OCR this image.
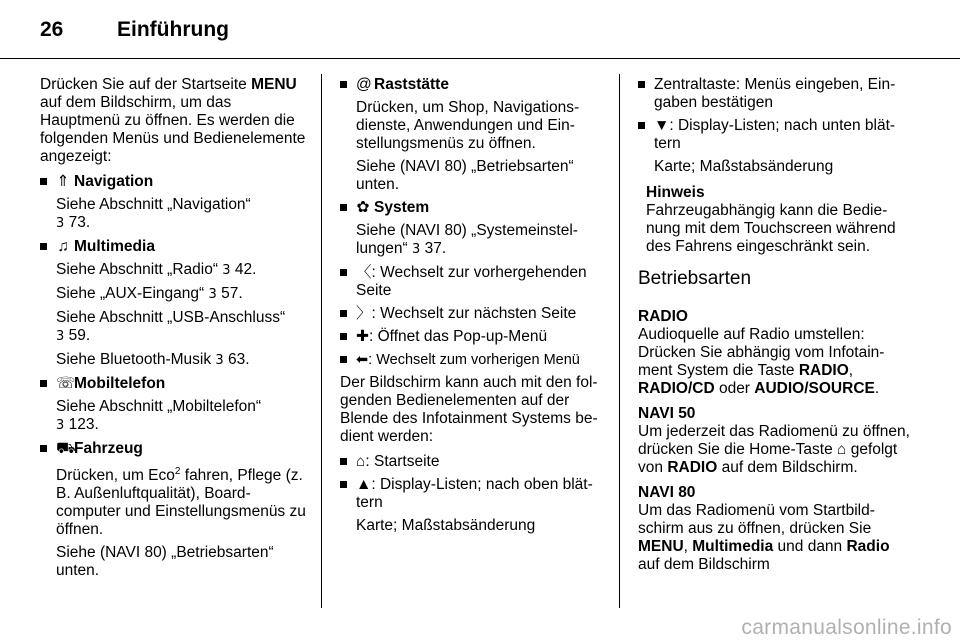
26	Einführung

Drücken Sie auf der Startseite MENU auf dem Bildschirm, um das Hauptmenü zu öffnen. Es werden die folgenden Menüs und Bedienelemente angezeigt:

⇑ Navigation

Siehe Abschnitt „Navigation“
3 73.

♫ Multimedia

Siehe Abschnitt „Radio“ 3 42.

Siehe „AUX-Eingang“ 3 57.

Siehe Abschnitt „USB-Anschluss“
3 59.

Siehe Bluetooth-Musik 3 63.

☏Mobiltelefon

Siehe Abschnitt „Mobiltelefon“
3 123.

⛟Fahrzeug

Drücken, um Eco$^2$ fahren, Pflege (z. B. Außenluftqualität), Boardcomputer und Einstellungsmenüs zu öffnen.

Siehe (NAVI 80) „Betriebsarten“ unten.

@ Raststätte

Drücken, um Shop, Navigationsdienste, Anwendungen und Einstellungsmenüs zu öffnen.

Siehe (NAVI 80) „Betriebsarten“ unten.

✿ System

Siehe (NAVI 80) „Systemeinstellungen“ 3 37.

〈: Wechselt zur vorhergehenden Seite
〉: Wechselt zur nächsten Seite
✚: Öffnet das Pop-up-Menü
⬅: Wechselt zum vorherigen Menü

Der Bildschirm kann auch mit den folgenden Bedienelementen auf der Blende des Infotainment Systems bedient werden:

⌂: Startseite
▲: Display-Listen; nach oben blättern

Karte; Maßstabsänderung

Zentraltaste: Menüs eingeben, Eingaben bestätigen
▼: Display-Listen; nach unten blättern

Karte; Maßstabsänderung

Hinweis

Fahrzeugabhängig kann die Bedienung mit dem Touchscreen während des Fahrens eingeschränkt sein.

Betriebsarten

RADIO

Audioquelle auf Radio umstellen: Drücken Sie abhängig vom Infotainment System die Taste RADIO,
RADIO/CD oder AUDIO/SOURCE.

NAVI 50

Um jederzeit das Radiomenü zu öffnen, drücken Sie die Home-Taste ⌂ gefolgt von RADIO auf dem Bildschirm.

NAVI 80

Um das Radiomenü vom Startbildschirm aus zu öffnen, drücken Sie MENU, Multimedia und dann Radio
auf dem Bildschirm

carmanualsonline.info
